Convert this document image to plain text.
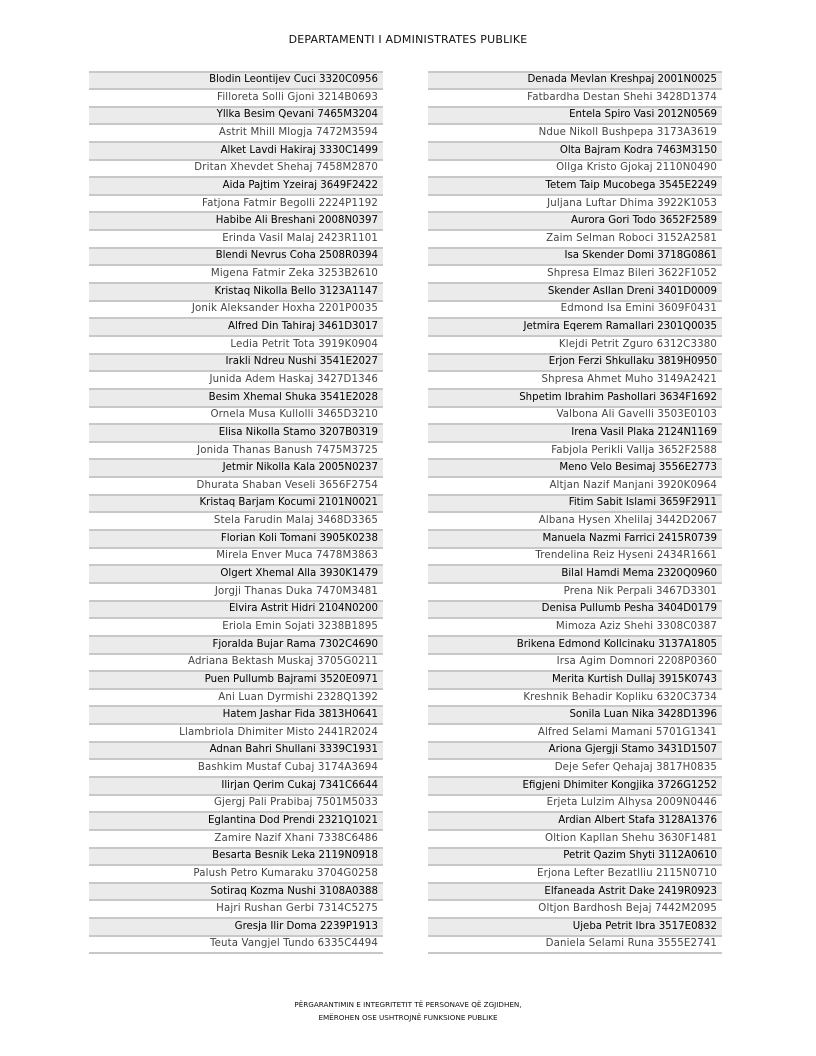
DEPARTAMENTI I ADMINISTRATES PUBLIKE
Blodin Leontijev Cuci 3320C0956
Filloreta Solli Gjoni 3214B0693
Yllka Besim Qevani 7465M3204
Astrit Mhill Mlogja 7472M3594
Alket Lavdi Hakiraj 3330C1499
Dritan Xhevdet Shehaj 7458M2870
Aida Pajtim Yzeiraj 3649F2422
Fatjona Fatmir Begolli 2224P1192
Habibe Ali Breshani 2008N0397
Erinda Vasil Malaj 2423R1101
Blendi Nevrus Coha 2508R0394
Migena Fatmir Zeka 3253B2610
Kristaq Nikolla Bello 3123A1147
Jonik Aleksander Hoxha 2201P0035
Alfred Din Tahiraj 3461D3017
Ledia Petrit Tota 3919K0904
Irakli Ndreu Nushi 3541E2027
Junida Adem Haskaj 3427D1346
Besim Xhemal Shuka 3541E2028
Ornela Musa Kullolli 3465D3210
Elisa Nikolla Stamo 3207B0319
Jonida Thanas Banush 7475M3725
Jetmir Nikolla Kala 2005N0237
Dhurata Shaban Veseli 3656F2754
Kristaq Barjam Kocumi 2101N0021
Stela Farudin Malaj 3468D3365
Florian Koli Tomani 3905K0238
Mirela Enver Muca 7478M3863
Olgert Xhemal Alla 3930K1479
Jorgji Thanas Duka 7470M3481
Elvira Astrit Hidri 2104N0200
Eriola Emin Sojati 3238B1895
Fjoralda Bujar Rama 7302C4690
Adriana Bektash Muskaj 3705G0211
Puen Pullumb Bajrami 3520E0971
Ani Luan Dyrmishi 2328Q1392
Hatem Jashar Fida 3813H0641
Llambriola Dhimiter Misto 2441R2024
Adnan Bahri Shullani 3339C1931
Bashkim Mustaf Cubaj 3174A3694
Ilirjan Qerim Cukaj 7341C6644
Gjergj Pali Prabibaj 7501M5033
Eglantina Dod Prendi 2321Q1021
Zamire Nazif Xhani 7338C6486
Besarta Besnik Leka 2119N0918
Palush Petro Kumaraku 3704G0258
Sotiraq Kozma Nushi 3108A0388
Hajri Rushan Gerbi 7314C5275
Gresja Ilir Doma 2239P1913
Teuta Vangjel Tundo 6335C4494
Denada Mevlan Kreshpaj 2001N0025
Fatbardha Destan Shehi 3428D1374
Entela Spiro Vasi 2012N0569
Ndue Nikoll Bushpepa 3173A3619
Olta Bajram Kodra 7463M3150
Ollga Kristo Gjokaj 2110N0490
Tetem Taip Mucobega 3545E2249
Juljana Luftar Dhima 3922K1053
Aurora Gori Todo 3652F2589
Zaim Selman Roboci 3152A2581
Isa Skender Domi 3718G0861
Shpresa Elmaz Bileri 3622F1052
Skender Asllan Dreni 3401D0009
Edmond Isa Emini 3609F0431
Jetmira Eqerem Ramallari 2301Q0035
Klejdi Petrit Zguro 6312C3380
Erjon Ferzi Shkullaku 3819H0950
Shpresa Ahmet Muho 3149A2421
Shpetim Ibrahim Pashollari 3634F1692
Valbona Ali Gavelli 3503E0103
Irena Vasil Plaka 2124N1169
Fabjola Perikli Vallja 3652F2588
Meno Velo Besimaj 3556E2773
Altjan Nazif Manjani 3920K0964
Fitim Sabit Islami 3659F2911
Albana Hysen Xhelilaj 3442D2067
Manuela Nazmi Farrici 2415R0739
Trendelina Reiz Hyseni 2434R1661
Bilal Hamdi Mema 2320Q0960
Prena Nik Perpali 3467D3301
Denisa Pullumb Pesha 3404D0179
Mimoza Aziz Shehi 3308C0387
Brikena Edmond Kollcinaku 3137A1805
Irsa Agim Domnori 2208P0360
Merita Kurtish Dullaj 3915K0743
Kreshnik Behadir Kopliku 6320C3734
Sonila Luan Nika 3428D1396
Alfred Selami Mamani 5701G1341
Ariona Gjergji Stamo 3431D1507
Deje Sefer Qehajaj 3817H0835
Efigjeni Dhimiter Kongjika 3726G1252
Erjeta Lulzim Alhysa 2009N0446
Ardian Albert Stafa 3128A1376
Oltion Kapllan Shehu 3630F1481
Petrit Qazim Shyti 3112A0610
Erjona Lefter Bezatlliu 2115N0710
Elfaneada Astrit Dake 2419R0923
Oltjon Bardhosh Bejaj 7442M2095
Ujeba Petrit Ibra 3517E0832
Daniela Selami Runa 3555E2741
PËRGARANTIMIN E INTEGRITETIT TË PERSONAVE QË ZGJIDHEN,
EMËROHEN OSE USHTROJNË FUNKSIONE PUBLIKE
